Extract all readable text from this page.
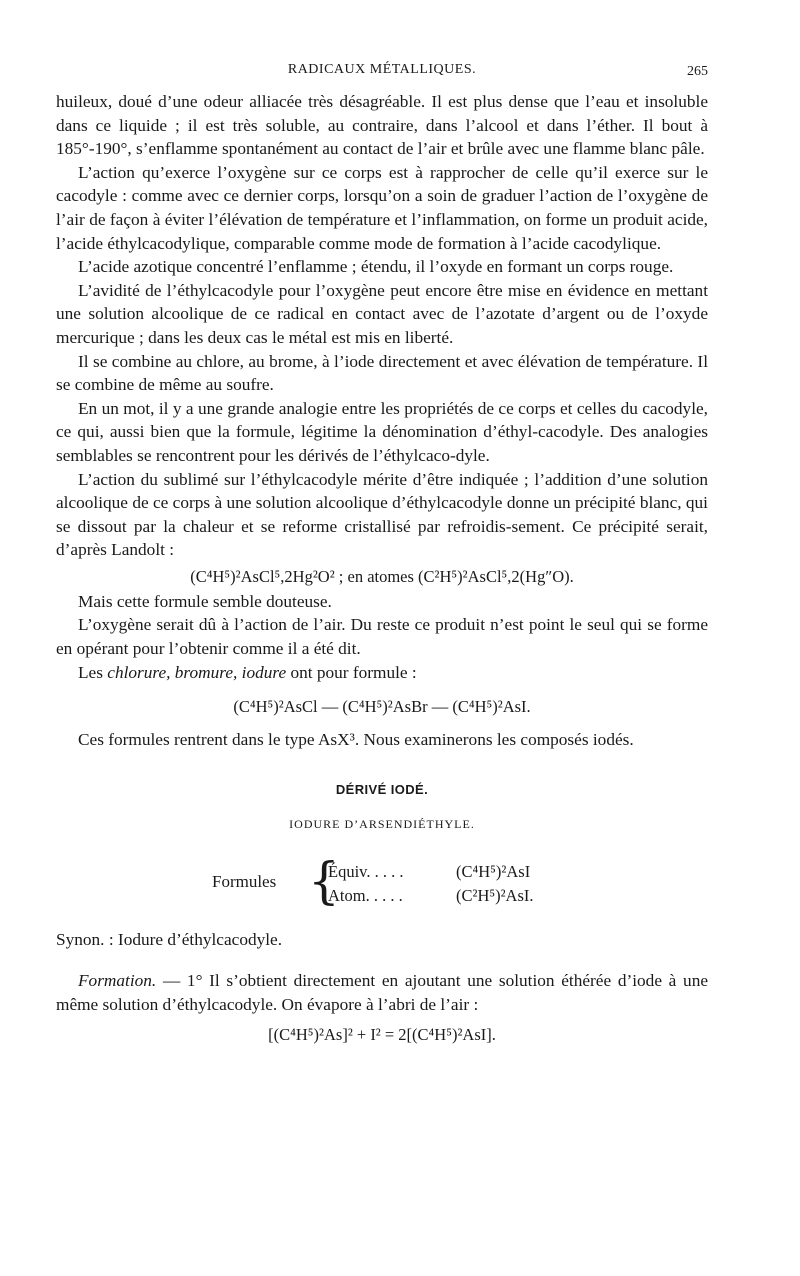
RADICAUX MÉTALLIQUES.	265

huileux, doué d’une odeur alliacée très désagréable. Il est plus dense que l’eau et insoluble dans ce liquide ; il est très soluble, au contraire, dans l’alcool et dans l’éther. Il bout à 185°-190°, s’enflamme spontanément au contact de l’air et brûle avec une flamme blanc pâle.

L’action qu’exerce l’oxygène sur ce corps est à rapprocher de celle qu’il exerce sur le cacodyle : comme avec ce dernier corps, lorsqu’on a soin de graduer l’action de l’oxygène de l’air de façon à éviter l’élévation de température et l’inflammation, on forme un produit acide, l’acide éthylcacodylique, comparable comme mode de formation à l’acide cacodylique.

L’acide azotique concentré l’enflamme ; étendu, il l’oxyde en formant un corps rouge.

L’avidité de l’éthylcacodyle pour l’oxygène peut encore être mise en évidence en mettant une solution alcoolique de ce radical en contact avec de l’azotate d’argent ou de l’oxyde mercurique ; dans les deux cas le métal est mis en liberté.

Il se combine au chlore, au brome, à l’iode directement et avec élévation de température. Il se combine de même au soufre.

En un mot, il y a une grande analogie entre les propriétés de ce corps et celles du cacodyle, ce qui, aussi bien que la formule, légitime la dénomination d’éthyl-cacodyle. Des analogies semblables se rencontrent pour les dérivés de l’éthylcaco-dyle.

L’action du sublimé sur l’éthylcacodyle mérite d’être indiquée ; l’addition d’une solution alcoolique de ce corps à une solution alcoolique d’éthylcacodyle donne un précipité blanc, qui se dissout par la chaleur et se reforme cristallisé par refroidis-sement. Ce précipité serait, d’après Landolt :

(C⁴H⁵)²AsCl⁵,2Hg²O² ; en atomes (C²H⁵)²AsCl⁵,2(Hg″O).

Mais cette formule semble douteuse.

L’oxygène serait dû à l’action de l’air. Du reste ce produit n’est point le seul qui se forme en opérant pour l’obtenir comme il a été dit.

Les chlorure, bromure, iodure ont pour formule :

(C⁴H⁵)²AsCl — (C⁴H⁵)²AsBr — (C⁴H⁵)²AsI.

Ces formules rentrent dans le type AsX³. Nous examinerons les composés iodés.

DÉRIVÉ IODÉ.
IODURE D’ARSENDIÉTHYLE.
Formules {
Équiv. . . . .	(C⁴H⁵)²AsI
Atom. . . . .	(C²H⁵)²AsI.

Synon. : Iodure d’éthylcacodyle.

Formation. — 1° Il s’obtient directement en ajoutant une solution éthérée d’iode à une même solution d’éthylcacodyle. On évapore à l’abri de l’air :

[(C⁴H⁵)²As]² + I² = 2[(C⁴H⁵)²AsI].
